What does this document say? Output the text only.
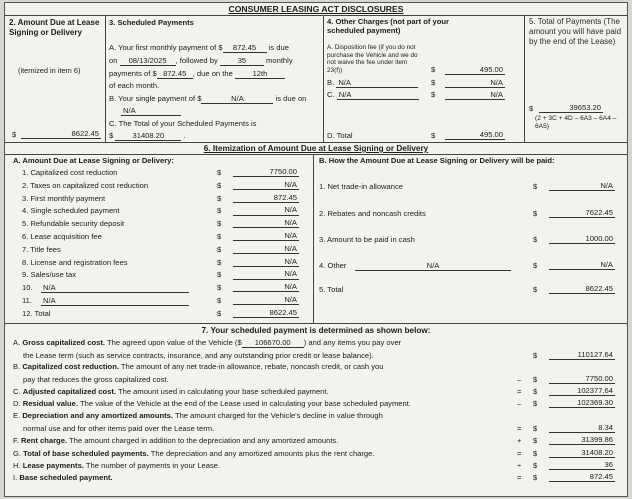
CONSUMER LEASING ACT DISCLOSURES
2. Amount Due at Lease Signing or Delivery
(itemized in item 6)
$	8622.45
3. Scheduled Payments
A. Your first monthly payment of $ 872.45 is due
on 08/13/2025 , followed by	35	monthly
payments of $ 872.45 , due on the	12th
of each month.
B. Your single payment of $	N/A	is due on
N/A
C. The Total of your Scheduled Payments is
$	31408.20 .
4. Other Charges (not part of your scheduled payment)
A. Disposition fee (if you do not purchase the Vehicle and we do not waive the fee under item 23(f))	$	495.00
B. N/A	$	N/A
C. N/A	$	N/A
D. Total	$	495.00
5. Total of Payments (The amount you will have paid by the end of the Lease)
$	39653.20
(2 + 3C + 4D – 6A3 – 6A4 – 6A5)
6. Itemization of Amount Due at Lease Signing or Delivery
A. Amount Due at Lease Signing or Delivery:	B. How the Amount Due at Lease Signing or Delivery will be paid:
1. Capitalized cost reduction	$	7750.00
2. Taxes on capitalized cost reduction	$	N/A
3. First monthly payment	$	872.45
4. Single scheduled payment	$	N/A
5. Refundable security deposit	$	N/A
6. Lease acquisition fee	$	N/A
7. Title fees	$	N/A
8. License and registration fees	$	N/A
9. Sales/use tax	$	N/A
10. N/A	$	N/A
11. N/A	$	N/A
12. Total	$	8622.45
1. Net trade-in allowance	$	N/A
2. Rebates and noncash credits	$	7622.45
3. Amount to be paid in cash	$	1000.00
4. Other	N/A	$	N/A
5. Total	$	8622.45
7. Your scheduled payment is determined as shown below:
A. Gross capitalized cost. The agreed upon value of the Vehicle ($ 106670.00 ) and any items you pay over
the Lease term (such as service contracts, insurance, and any outstanding prior credit or lease balance).	$	110127.64
B. Capitalized cost reduction. The amount of any net trade-in allowance, rebate, noncash credit, or cash you
pay that reduces the gross capitalized cost.	– $	7750.00
C. Adjusted capitalized cost. The amount used in calculating your base scheduled payment.	= $	102377.64
D. Residual value. The value of the Vehicle at the end of the Lease used in calculating your base scheduled payment.	– $	102369.30
E. Depreciation and any amortized amounts. The amount charged for the Vehicle's decline in value through
normal use and for other items paid over the Lease term.	= $	8.34
F. Rent charge. The amount charged in addition to the depreciation and any amortized amounts.	+ $	31399.86
G. Total of base scheduled payments. The depreciation and any amortized amounts plus the rent charge.	= $	31408.20
H. Lease payments. The number of payments in your Lease.	÷ $	36
I. Base scheduled payment.	= $	872.45
